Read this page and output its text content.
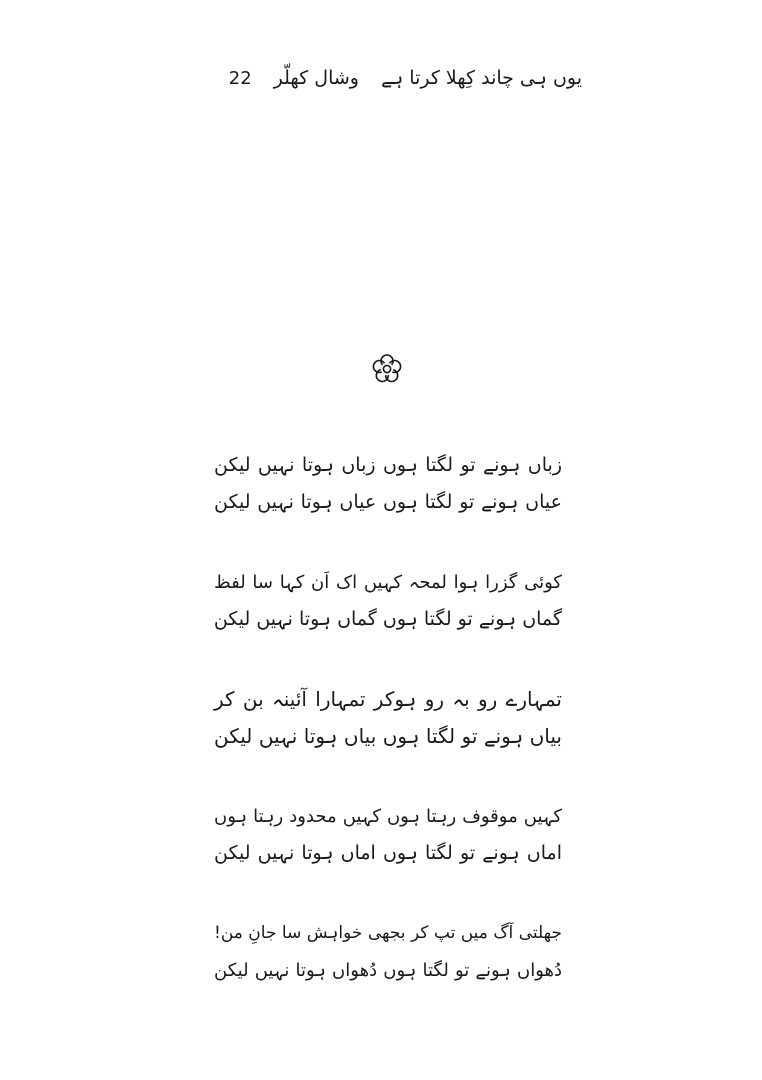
یوں ہی چاند کِھلا کرتا ہے
وشال کھلّر
22
زباں ہونے تو لگتا ہوں زباں ہوتا نہیں لیکن
عیاں ہونے تو لگتا ہوں عیاں ہوتا نہیں لیکن
کوئی گزرا ہوا لمحہ کہیں اک اَن کہا سا لفظ
گماں ہونے تو لگتا ہوں گماں ہوتا نہیں لیکن
تمہارے رو بہ رو ہوکر تمہارا آئینہ بن کر
بیاں ہونے تو لگتا ہوں بیاں ہوتا نہیں لیکن
کہیں موقوف رہتا ہوں کہیں محدود رہتا ہوں
اماں ہونے تو لگتا ہوں اماں ہوتا نہیں لیکن
جھلتی آگ میں تپ کر بجھی خواہش سا جانِ من!
دُھواں ہونے تو لگتا ہوں دُھواں ہوتا نہیں لیکن
